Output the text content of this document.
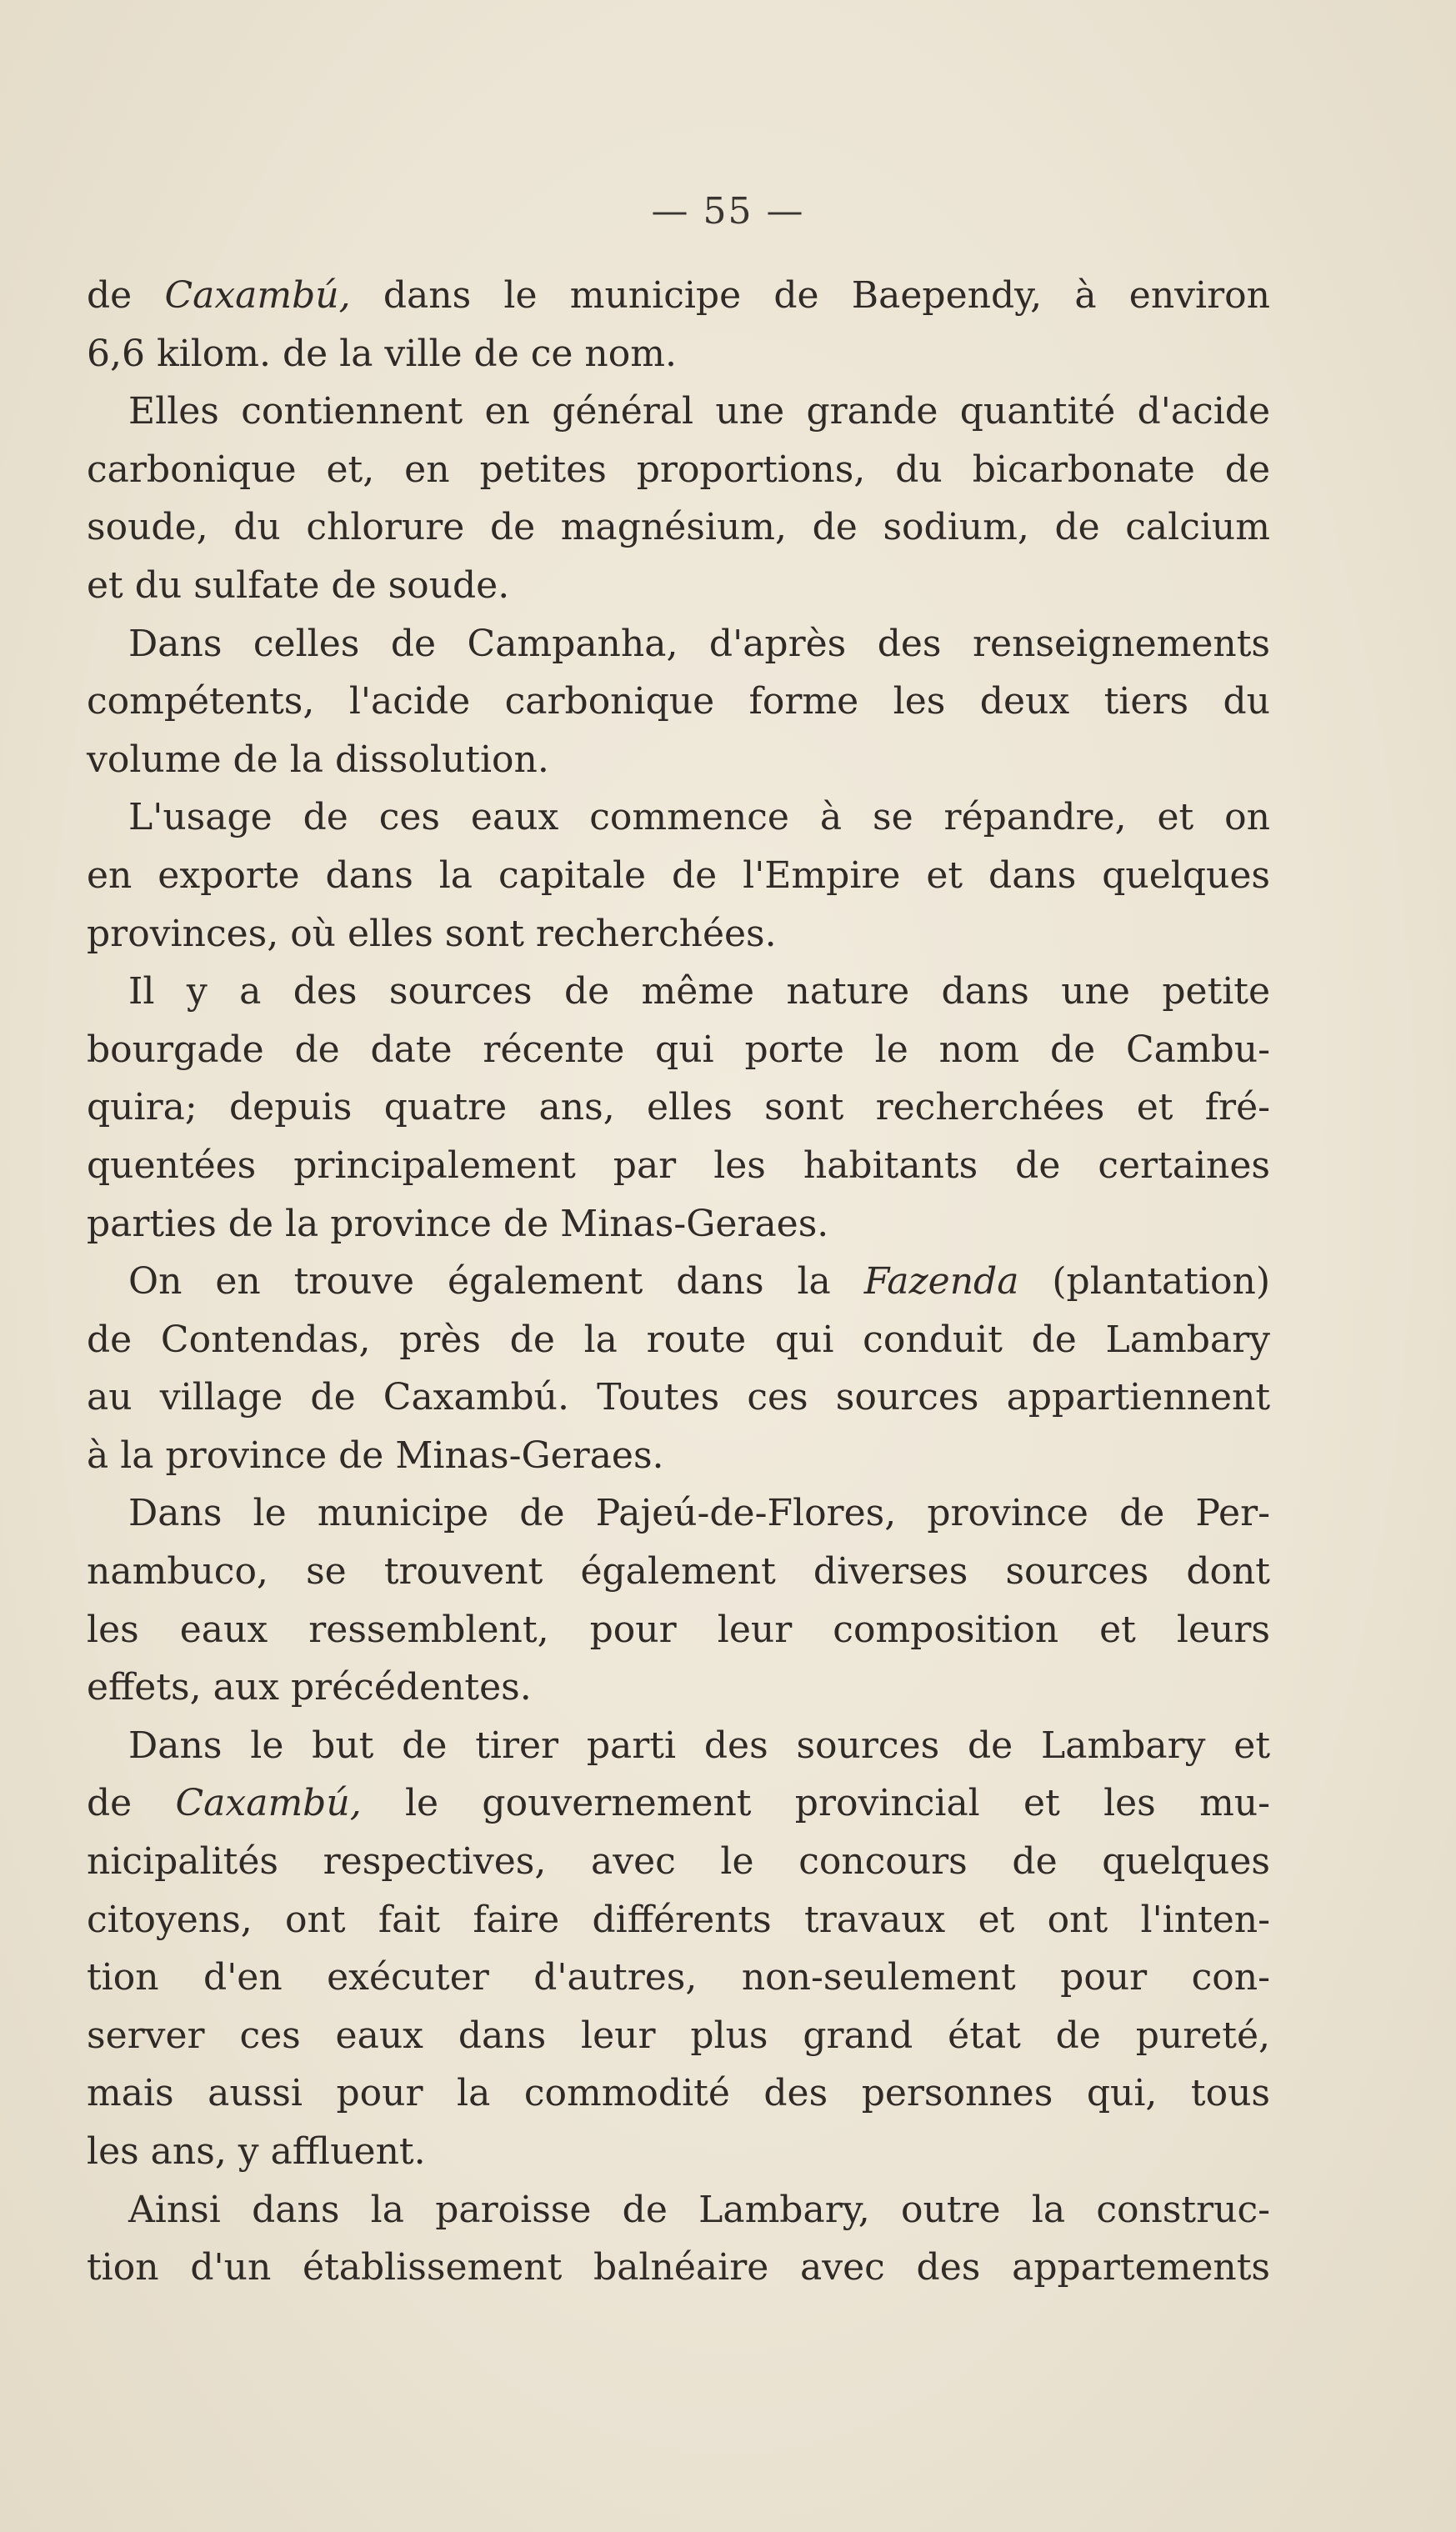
— 55 —
de Caxambú, dans le municipe de Baependy, à environ
6,6 kilom. de la ville de ce nom.
Elles contiennent en général une grande quantité d'acide
carbonique et, en petites proportions, du bicarbonate de
soude, du chlorure de magnésium, de sodium, de calcium
et du sulfate de soude.
Dans celles de Campanha, d'après des renseignements
compétents, l'acide carbonique forme les deux tiers du
volume de la dissolution.
L'usage de ces eaux commence à se répandre, et on
en exporte dans la capitale de l'Empire et dans quelques
provinces, où elles sont recherchées.
Il y a des sources de même nature dans une petite
bourgade de date récente qui porte le nom de Cambu-
quira; depuis quatre ans, elles sont recherchées et fré-
quentées principalement par les habitants de certaines
parties de la province de Minas-Geraes.
On en trouve également dans la Fazenda (plantation)
de Contendas, près de la route qui conduit de Lambary
au village de Caxambú. Toutes ces sources appartiennent
à la province de Minas-Geraes.
Dans le municipe de Pajeú-de-Flores, province de Per-
nambuco, se trouvent également diverses sources dont
les eaux ressemblent, pour leur composition et leurs
effets, aux précédentes.
Dans le but de tirer parti des sources de Lambary et
de Caxambú, le gouvernement provincial et les mu-
nicipalités respectives, avec le concours de quelques
citoyens, ont fait faire différents travaux et ont l'inten-
tion d'en exécuter d'autres, non-seulement pour con-
server ces eaux dans leur plus grand état de pureté,
mais aussi pour la commodité des personnes qui, tous
les ans, y affluent.
Ainsi dans la paroisse de Lambary, outre la construc-
tion d'un établissement balnéaire avec des appartements
